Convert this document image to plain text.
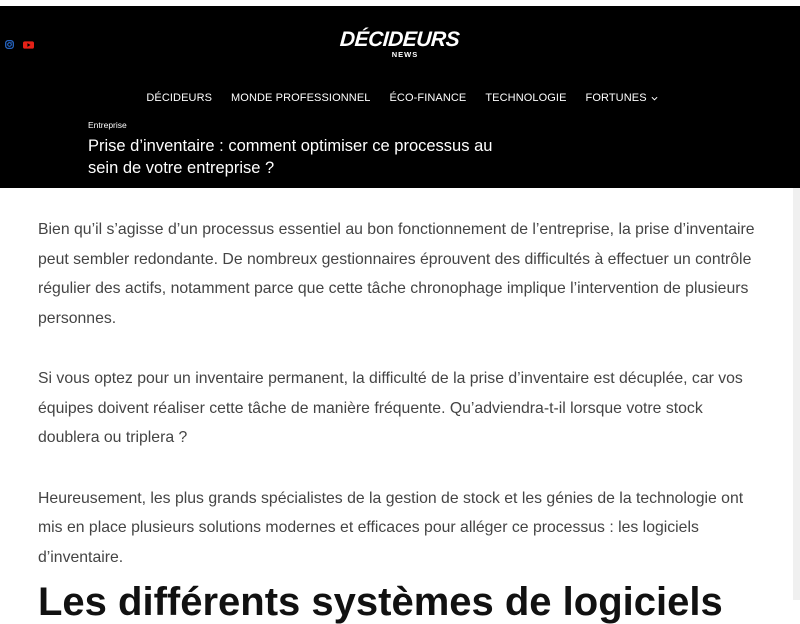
DÉCIDEURS
NEWS
DÉCIDEURS MONDE PROFESSIONNEL ÉCO-FINANCE TECHNOLOGIE FORTUNES
Entreprise
Prise d’inventaire : comment optimiser ce processus au sein de votre entreprise ?

Bien qu’il s’agisse d’un processus essentiel au bon fonctionnement de l’entreprise, la prise d’inventaire peut sembler redondante. De nombreux gestionnaires éprouvent des difficultés à effectuer un contrôle régulier des actifs, notamment parce que cette tâche chronophage implique l’intervention de plusieurs personnes.

Si vous optez pour un inventaire permanent, la difficulté de la prise d’inventaire est décuplée, car vos équipes doivent réaliser cette tâche de manière fréquente. Qu’adviendra-t-il lorsque votre stock doublera ou triplera ?

Heureusement, les plus grands spécialistes de la gestion de stock et les génies de la technologie ont mis en place plusieurs solutions modernes et efficaces pour alléger ce processus : les logiciels d’inventaire.

Les différents systèmes de logiciels
